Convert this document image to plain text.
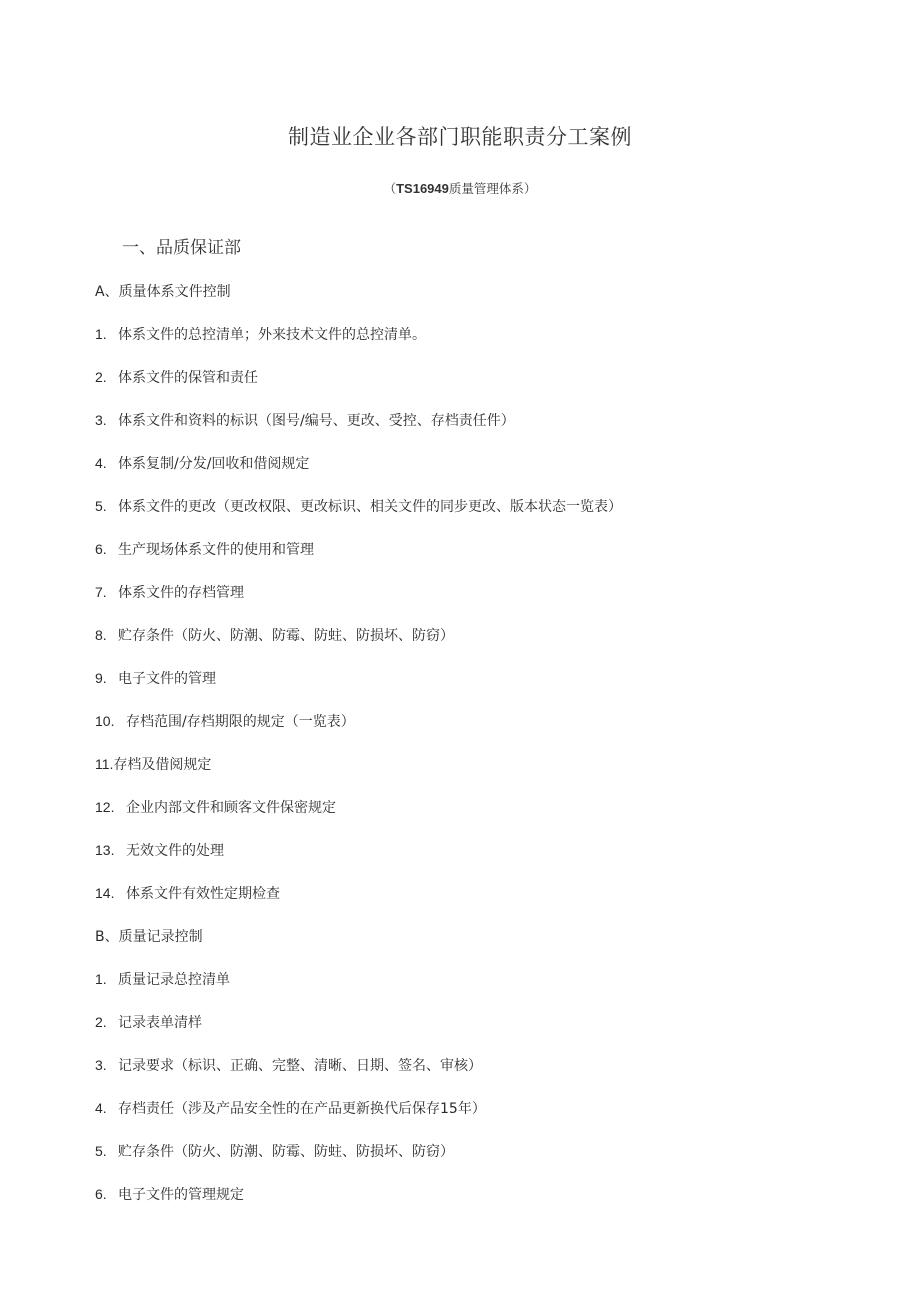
制造业企业各部门职能职责分工案例
（TS16949质量管理体系）
一、品质保证部
A、质量体系文件控制
1. 体系文件的总控清单；外来技术文件的总控清单。
2. 体系文件的保管和责任
3. 体系文件和资料的标识（图号/编号、更改、受控、存档责任件）
4. 体系复制/分发/回收和借阅规定
5. 体系文件的更改（更改权限、更改标识、相关文件的同步更改、版本状态一览表）
6. 生产现场体系文件的使用和管理
7. 体系文件的存档管理
8. 贮存条件（防火、防潮、防霉、防蛀、防损坏、防窃）
9. 电子文件的管理
10. 存档范围/存档期限的规定（一览表）
11.存档及借阅规定
12. 企业内部文件和顾客文件保密规定
13. 无效文件的处理
14. 体系文件有效性定期检查
B、质量记录控制
1. 质量记录总控清单
2. 记录表单清样
3. 记录要求（标识、正确、完整、清晰、日期、签名、审核）
4. 存档责任（涉及产品安全性的在产品更新换代后保存15年）
5. 贮存条件（防火、防潮、防霉、防蛀、防损坏、防窃）
6. 电子文件的管理规定
